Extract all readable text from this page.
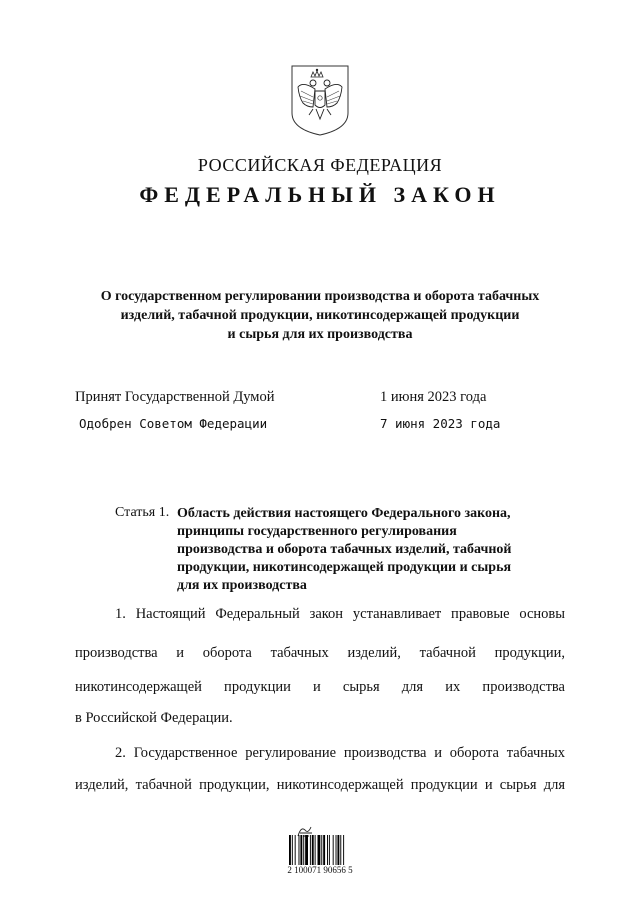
РОССИЙСКАЯ ФЕДЕРАЦИЯ
ФЕДЕРАЛЬНЫЙ ЗАКОН
О государственном регулировании производства и оборота табачных
изделий, табачной продукции, никотинсодержащей продукции
и сырья для их производства
Принят Государственной Думой	1 июня 2023 года
Одобрен Советом Федерации	7 июня 2023 года
Статья 1. Область действия настоящего Федерального закона,
принципы государственного регулирования
производства и оборота табачных изделий, табачной
продукции, никотинсодержащей продукции и сырья
для их производства
1. Настоящий Федеральный закон устанавливает правовые основы
производства и оборота табачных изделий, табачной продукции,
никотинсодержащей продукции и сырья для их производства
в Российской Федерации.
2. Государственное регулирование производства и оборота табачных
изделий, табачной продукции, никотинсодержащей продукции и сырья для
2 100071 90656 5
